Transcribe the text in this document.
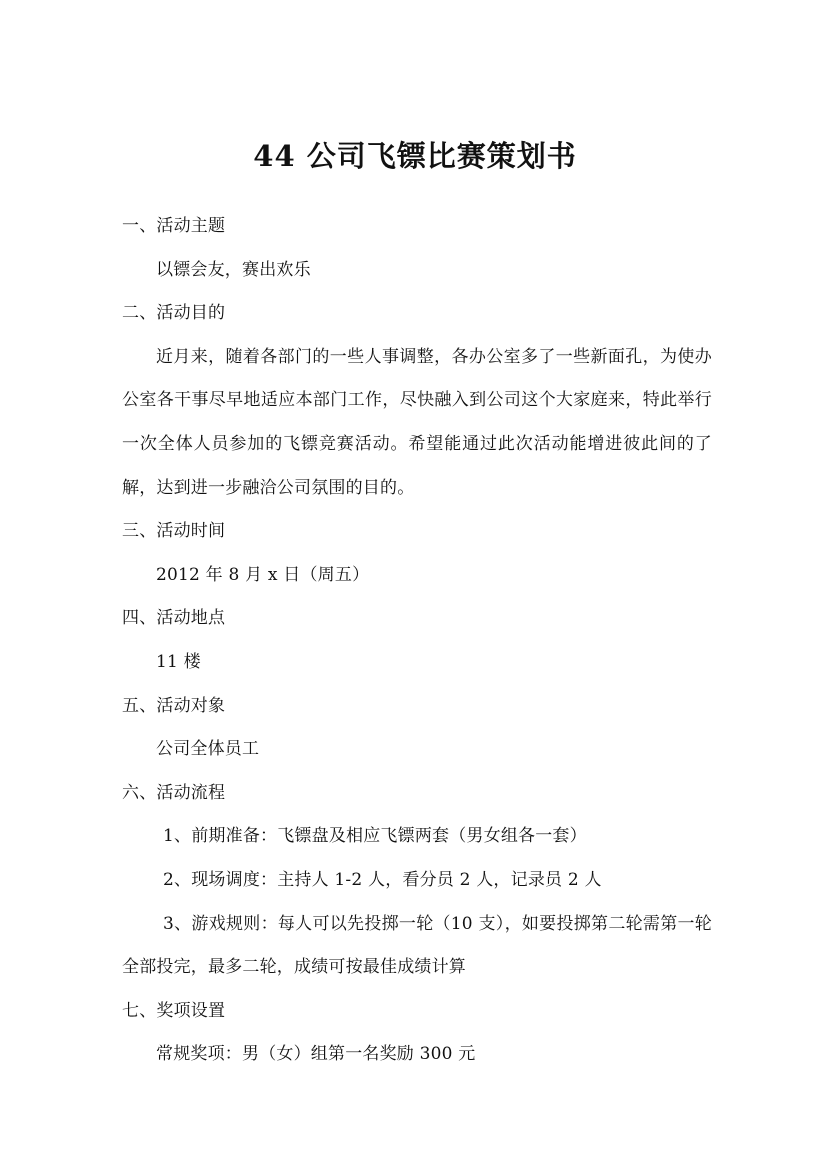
44 公司飞镖比赛策划书

一、活动主题

以镖会友，赛出欢乐

二、活动目的

近月来，随着各部门的一些人事调整，各办公室多了一些新面孔，为使办公室各干事尽早地适应本部门工作，尽快融入到公司这个大家庭来，特此举行一次全体人员参加的飞镖竞赛活动。希望能通过此次活动能增进彼此间的了解，达到进一步融洽公司氛围的目的。

三、活动时间

2012 年 8 月 x 日（周五）

四、活动地点

11 楼

五、活动对象

公司全体员工

六、活动流程

1、前期准备：飞镖盘及相应飞镖两套（男女组各一套）

2、现场调度：主持人 1-2 人，看分员 2 人，记录员 2 人

3、游戏规则：每人可以先投掷一轮（10 支），如要投掷第二轮需第一轮全部投完，最多二轮，成绩可按最佳成绩计算

七、奖项设置

常规奖项：男（女）组第一名奖励 300 元
